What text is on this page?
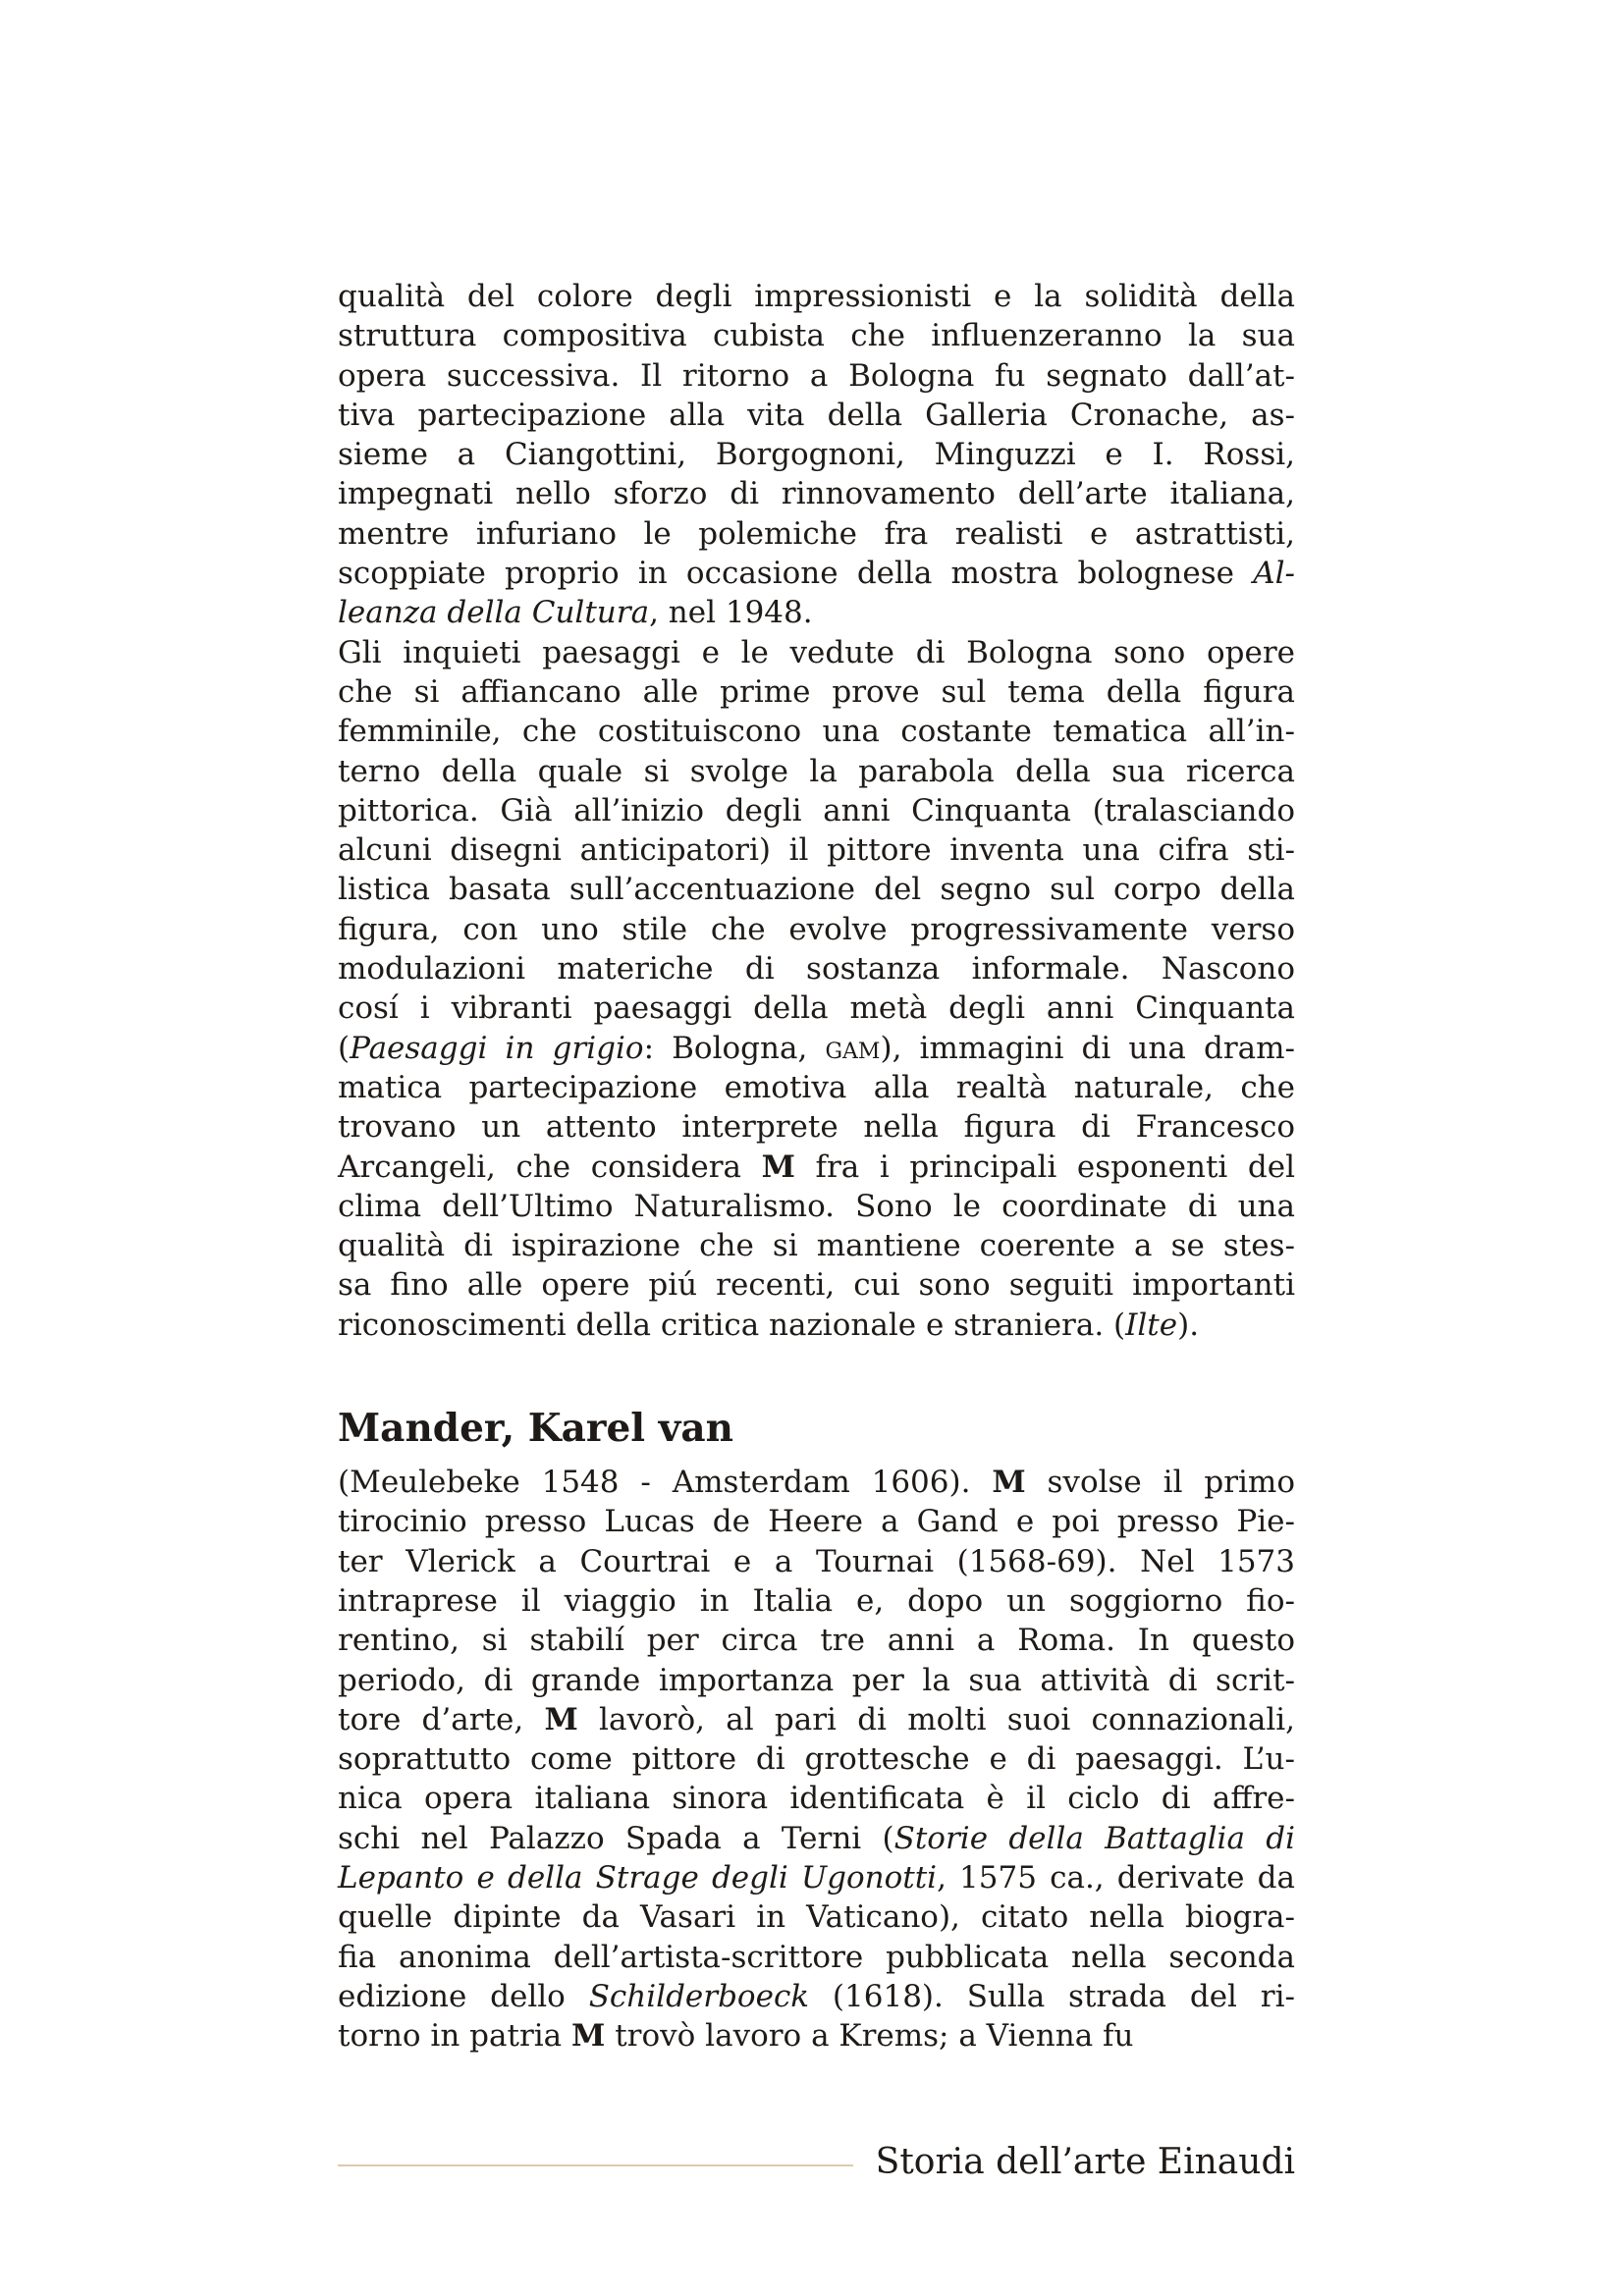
qualità del colore degli impressionisti e la solidità della
struttura compositiva cubista che influenzeranno la sua
opera successiva. Il ritorno a Bologna fu segnato dall’at-
tiva partecipazione alla vita della Galleria Cronache, as-
sieme a Ciangottini, Borgognoni, Minguzzi e I. Rossi,
impegnati nello sforzo di rinnovamento dell’arte italiana,
mentre infuriano le polemiche fra realisti e astrattisti,
scoppiate proprio in occasione della mostra bolognese Al-
leanza della Cultura, nel 1948.
Gli inquieti paesaggi e le vedute di Bologna sono opere
che si affiancano alle prime prove sul tema della figura
femminile, che costituiscono una costante tematica all’in-
terno della quale si svolge la parabola della sua ricerca
pittorica. Già all’inizio degli anni Cinquanta (tralasciando
alcuni disegni anticipatori) il pittore inventa una cifra sti-
listica basata sull’accentuazione del segno sul corpo della
figura, con uno stile che evolve progressivamente verso
modulazioni materiche di sostanza informale. Nascono
cosí i vibranti paesaggi della metà degli anni Cinquanta
(Paesaggi in grigio: Bologna, gam), immagini di una dram-
matica partecipazione emotiva alla realtà naturale, che
trovano un attento interprete nella figura di Francesco
Arcangeli, che considera M fra i principali esponenti del
clima dell’Ultimo Naturalismo. Sono le coordinate di una
qualità di ispirazione che si mantiene coerente a se stes-
sa fino alle opere piú recenti, cui sono seguiti importanti
riconoscimenti della critica nazionale e straniera. (Ilte).
Mander, Karel van
(Meulebeke 1548 - Amsterdam 1606). M svolse il primo
tirocinio presso Lucas de Heere a Gand e poi presso Pie-
ter Vlerick a Courtrai e a Tournai (1568-69). Nel 1573
intraprese il viaggio in Italia e, dopo un soggiorno fio-
rentino, si stabilí per circa tre anni a Roma. In questo
periodo, di grande importanza per la sua attività di scrit-
tore d’arte, M lavorò, al pari di molti suoi connazionali,
soprattutto come pittore di grottesche e di paesaggi. L’u-
nica opera italiana sinora identificata è il ciclo di affre-
schi nel Palazzo Spada a Terni (Storie della Battaglia di
Lepanto e della Strage degli Ugonotti, 1575 ca., derivate da
quelle dipinte da Vasari in Vaticano), citato nella biogra-
fia anonima dell’artista-scrittore pubblicata nella seconda
edizione dello Schilderboeck (1618). Sulla strada del ri-
torno in patria M trovò lavoro a Krems; a Vienna fu
Storia dell’arte Einaudi
